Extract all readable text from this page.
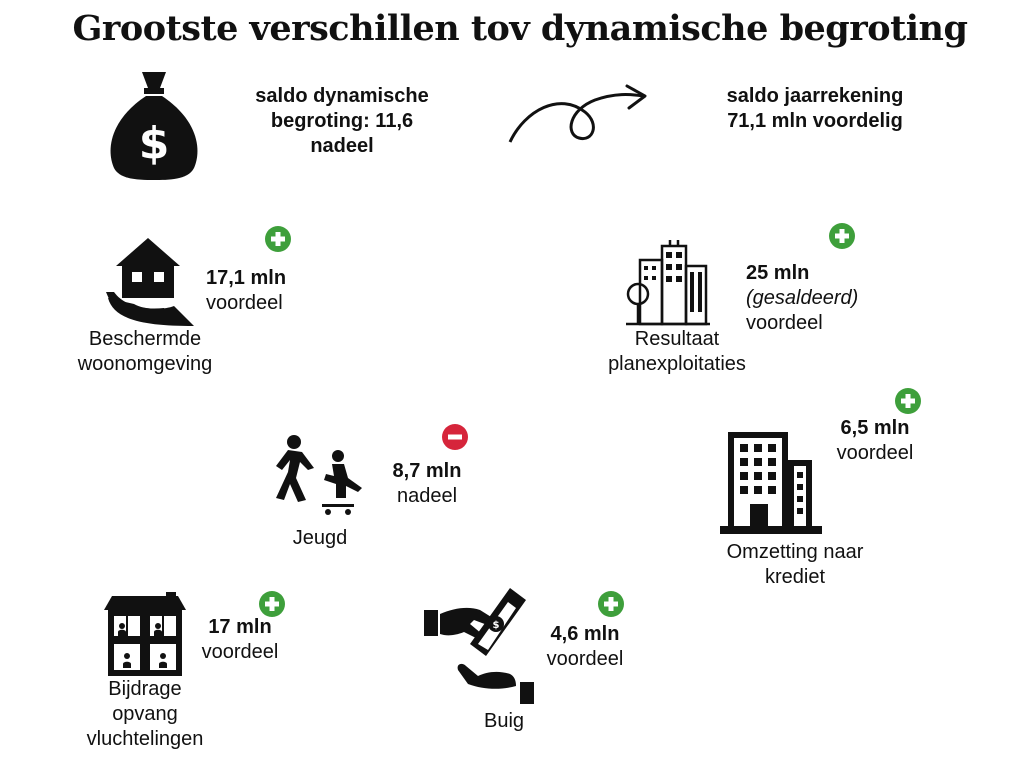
Grootste verschillen tov dynamische begroting
$
saldo dynamische
begroting: 11,6
nadeel
saldo jaarrekening
71,1 mln voordelig
17,1 mln
voordeel
Beschermde
woonomgeving
25 mln
(gesaldeerd)
voordeel
Resultaat
planexploitaties
8,7 mln
nadeel
Jeugd
6,5 mln
voordeel
Omzetting naar
krediet
17 mln
voordeel
Bijdrage
opvang
vluchtelingen
$	4,6 mln
voordeel
Buig
